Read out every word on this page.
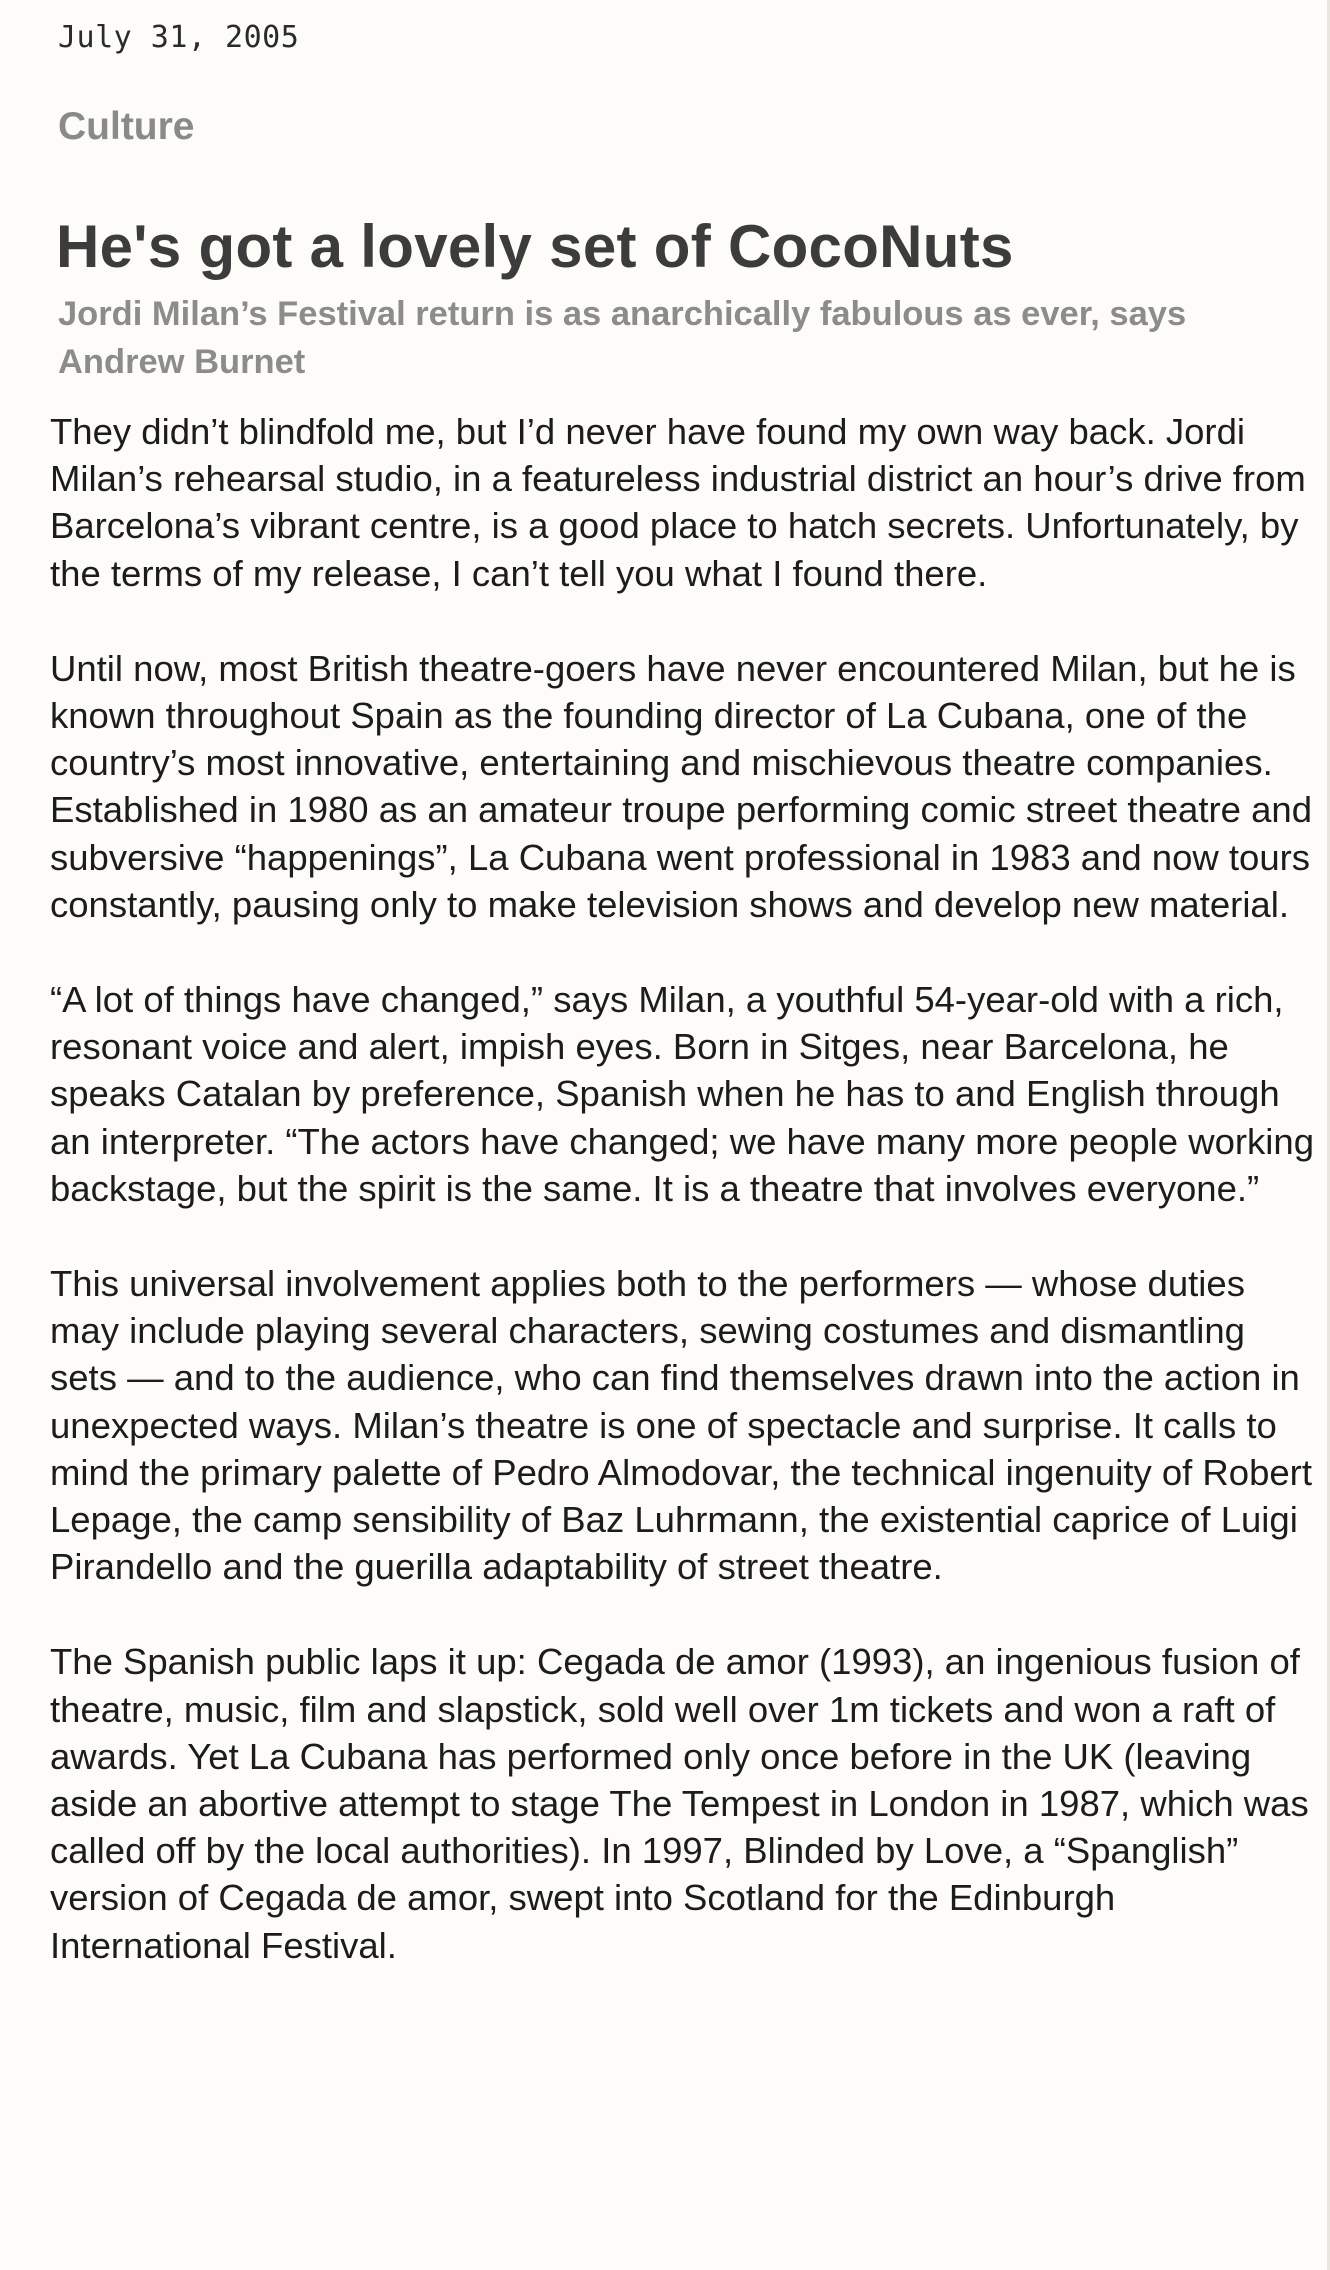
July 31, 2005
Culture
He's got a lovely set of CocoNuts
Jordi Milan’s Festival return is as anarchically fabulous as ever, says Andrew Burnet

They didn’t blindfold me, but I’d never have found my own way back. Jordi Milan’s rehearsal studio, in a featureless industrial district an hour’s drive from Barcelona’s vibrant centre, is a good place to hatch secrets. Unfortunately, by the terms of my release, I can’t tell you what I found there.

Until now, most British theatre-goers have never encountered Milan, but he is known throughout Spain as the founding director of La Cubana, one of the country’s most innovative, entertaining and mischievous theatre companies. Established in 1980 as an amateur troupe performing comic street theatre and subversive “happenings”, La Cubana went professional in 1983 and now tours constantly, pausing only to make television shows and develop new material.

“A lot of things have changed,” says Milan, a youthful 54-year-old with a rich, resonant voice and alert, impish eyes. Born in Sitges, near Barcelona, he speaks Catalan by preference, Spanish when he has to and English through an interpreter. “The actors have changed; we have many more people working backstage, but the spirit is the same. It is a theatre that involves everyone.”

This universal involvement applies both to the performers — whose duties may include playing several characters, sewing costumes and dismantling sets — and to the audience, who can find themselves drawn into the action in unexpected ways. Milan’s theatre is one of spectacle and surprise. It calls to mind the primary palette of Pedro Almodovar, the technical ingenuity of Robert Lepage, the camp sensibility of Baz Luhrmann, the existential caprice of Luigi Pirandello and the guerilla adaptability of street theatre.

The Spanish public laps it up: Cegada de amor (1993), an ingenious fusion of theatre, music, film and slapstick, sold well over 1m tickets and won a raft of awards. Yet La Cubana has performed only once before in the UK (leaving aside an abortive attempt to stage The Tempest in London in 1987, which was called off by the local authorities). In 1997, Blinded by Love, a “Spanglish” version of Cegada de amor, swept into Scotland for the Edinburgh International Festival.
